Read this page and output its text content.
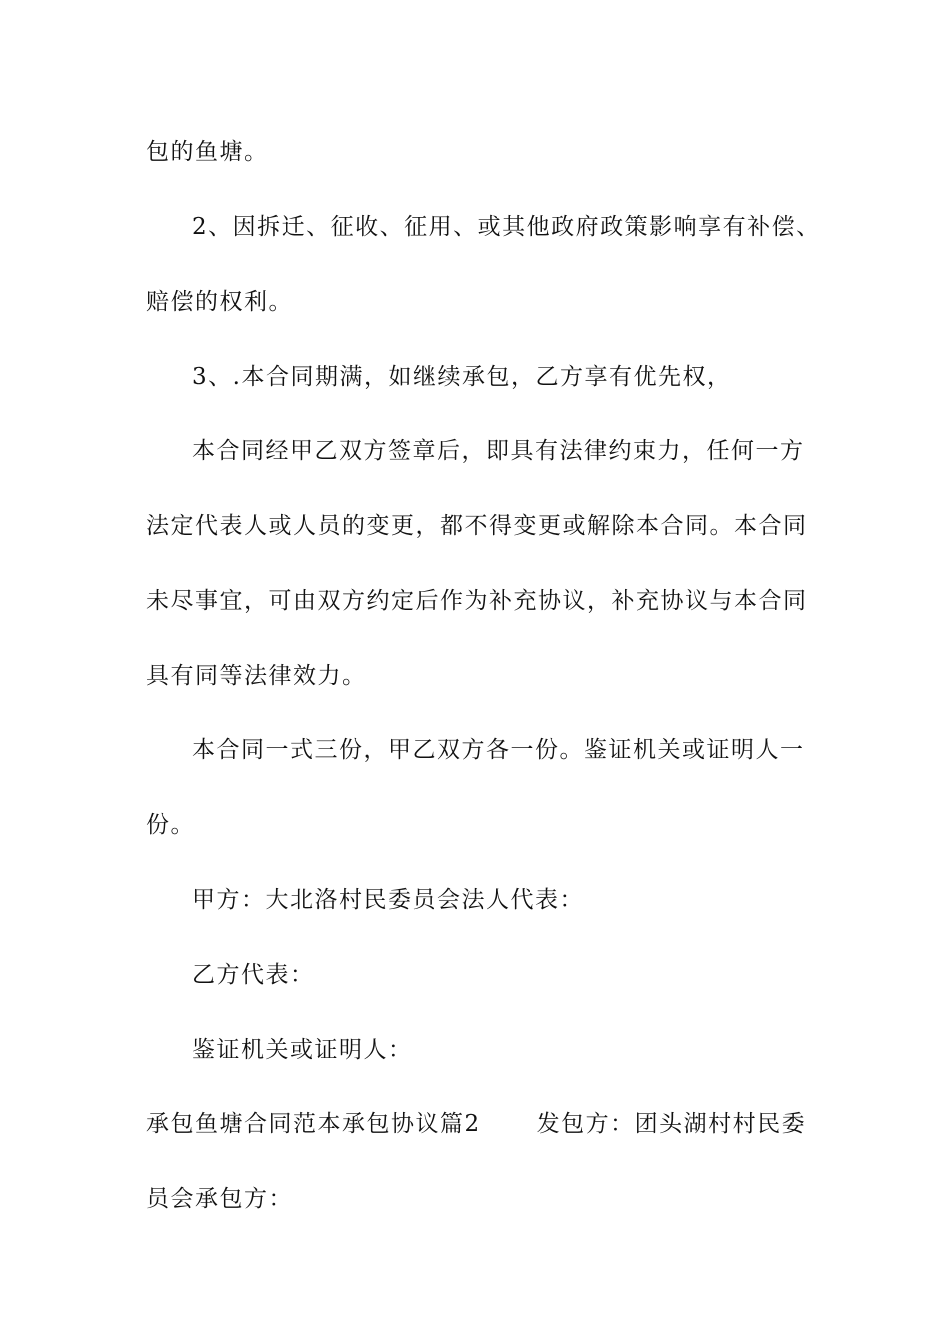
包的鱼塘。
2、因拆迁、征收、征用、或其他政府政策影响享有补偿、
赔偿的权利。
3、.本合同期满，如继续承包，乙方享有优先权，
本合同经甲乙双方签章后，即具有法律约束力，任何一方
法定代表人或人员的变更，都不得变更或解除本合同。本合同
未尽事宜，可由双方约定后作为补充协议，补充协议与本合同
具有同等法律效力。
本合同一式三份，甲乙双方各一份。鉴证机关或证明人一
份。
甲方：大北洛村民委员会法人代表：
乙方代表：
鉴证机关或证明人：
承包鱼塘合同范本承包协议篇2 发包方：团头湖村村民委
员会承包方：
